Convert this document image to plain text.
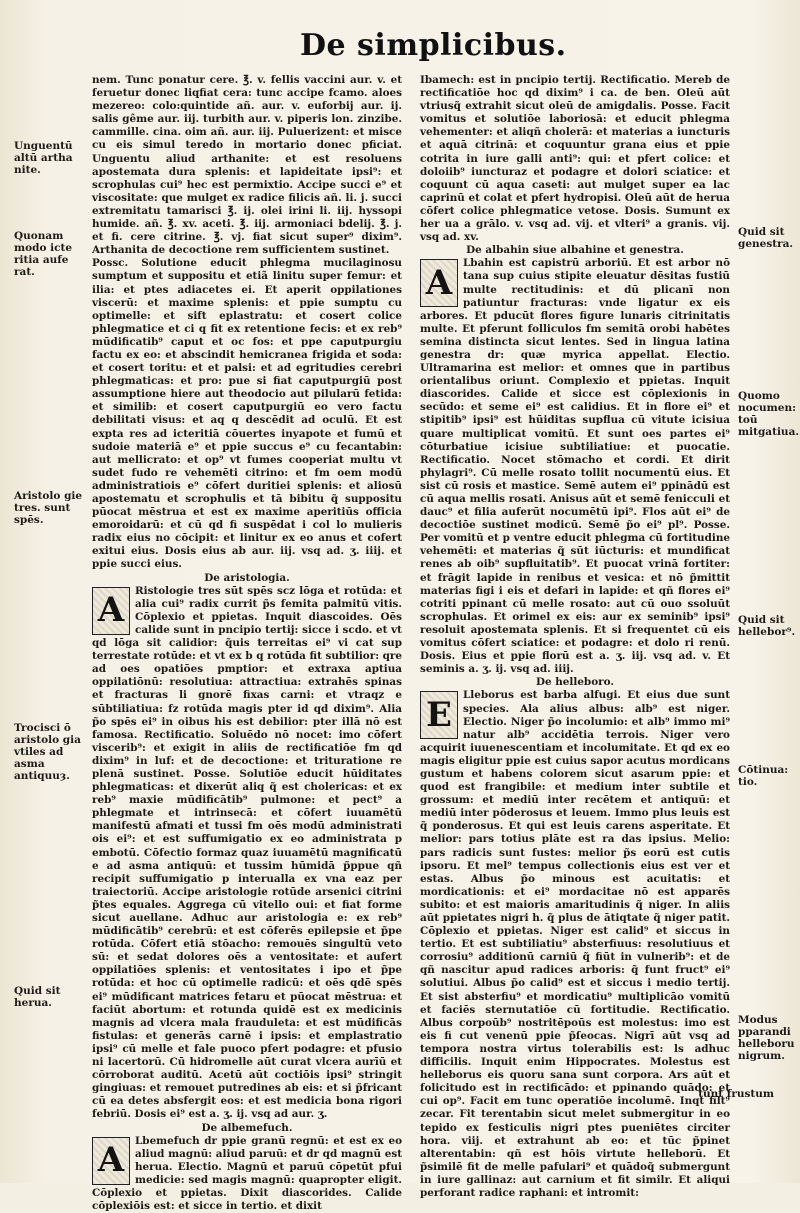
De simplicibus.
Unguentū altū artha nite.
Quonam modo icte ritia aufe rat.
Aristolo gie tres. sunt spēs.
Trocisci ō aristolo gia vtiles ad asma antiquuȝ.
Quid sit herua.
Quid sit genestra.
Quomo nocumen: toū mitgatiua.
Quid sit hellebor⁹.
Cōtinua: tio.
Modus pparandi helleboru nigrum.

nem. Tunc ponatur cere. ℥. v. fellis vaccini aur. v. et feruetur donec liqfiat cera: tunc accipe fcamo. aloes mezereo: colo:quintide añ. aur. v. euforbij aur. ij. salis gême aur. iij. turbith aur. v. piperis lon. zinzibe. cammille. cina. oim añ. aur. iij. Puluerizent: et misce cu eis simul teredo in mortario donec pficiat. Unguentu aliud arthanite: et est resoluens apostemata dura splenis: et lapideitate ipsi⁹: et scrophulas cui⁹ hec est permixtio. Accipe succi e⁹ et viscositate: que mulget ex radice filicis añ. li. j. succi extremitatu tamarisci ℥. ij. olei irini li. iij. hyssopi humide. añ. ℥. xv. aceti. ℥. iij. armoniaci bdelij. ℥. j. et fi. cere citrine. ℥. vj. fiat sicut super⁹ dixim⁹. Arthanita de decoctione rem sufficientem sustinet.

Possc. Solutione educit phlegma mucilaginosu sumptum et suppositu et etiã linitu super femur: et ilia: et ptes adiacetes ei. Et aperit oppilationes viscerū: et maxime splenis: et ppie sumptu cu optimelle: et sift eplastratu: et cosert colice phlegmatice et ci q fit ex retentione fecis: et ex reb⁹ mūdificatib⁹ caput et oc fos: et ppe caputpurgiu factu ex eo: et abscindit hemicranea frigida et soda: et cosert toritu: et et palsi: et ad egritudies cerebri phlegmaticas: et pro: pue si fiat caputpurgiū post assumptione hiere aut theodocio aut pilularū fetida: et similib: et cosert caputpurgiū eo vero factu debilitati visus: et aq q descēdit ad oculū. Et est expta res ad icteritiā cōuertes inyapote et fumū et sudoie materiā e⁹ et ppie succus e⁹ cu fecantabin: aut mellicrato: et op⁹ vt fumes cooperiat multu vt sudet fudo re vehemēti citrino: et fm oem modū administratiois e⁹ cōfert duritiei splenis: et aliosū apostematu et scrophulis et tā bibitu q̃ suppositu pūocat mēstrua et est ex maxime aperitiūs officia emoroidarū: et cū qd fi suspēdat i col lo mulieris radix eius no cōcipit: et linitur ex eo anus et cofert exitui eius. Dosis eius ab aur. iij. vsq ad. ʒ. iiij. et ppie succi eius.

De aristologia.

A	Ristologie tres sūt spēs scz lōga et rotūda: et alia cui⁹ radix currit p̃s femita palmitū vitis. Cōplexio et ppietas. Inquit diascoides. Oēs calide sunt in pncipio tertij: sicce i scdo. et vt qd lōga sit calidior: q̃uis terreitas ei⁹ vi cat sup terrestate rotūde: et vt ex b q rotūda fit subtilior: qre ad oes opatiōes pmptior: et extraxa aptiua oppilatiōnū: resolutiua: attractiua: extrahēs spinas et fracturas li gnorē fixas carni: et vtraqz e sūbtiliatiua: fz rotūda magis pter id qd dixim⁹. Alia p̃o spēs ei⁹ in oibus his est debilior: pter illā nō est famosa. Rectificatio. Soluēdo nō nocet: imo cōfert viscerib⁹: et exigit in aliis de rectificatiōe fm qd dixim⁹ in luf: et de decoctione: et trituratione re plenā sustinet. Posse. Solutiōe educit hūiditates phlegmaticas: et dixerūt aliq q̃ est cholericas: et ex reb⁹ maxie mūdificātib⁹ pulmone: et pect⁹ a phlegmate et intrinsecā: et cōfert iuuamētū manifestū afmati et tussi fm oēs modū administrati ois ei⁹: et est suffumigatio ex eo administrata p embotū. Cōfectio formaz quaz iuuamētū magnificatū e ad asma antiquū: et tussim hūmidā p̃ppue qñ recipit suffumigatio p interualla ex vna eaz per traiectoriū. Accipe aristologie rotūde arsenici citrini p̃tes equales. Aggrega cū vitello oui: et fiat forme sicut auellane. Adhuc aur aristologia e: ex reb⁹ mūdificātib⁹ cerebrū: et est cōferēs epilepsie et p̃pe rotūda. Cōfert etiā stōacho: remouēs singultū veto sū: et sedat dolores oēs a ventositate: et aufert oppilatiōes splenis: et ventositates i ipo et p̃pe rotūda: et hoc cū optimelle radicū: et oēs qdē spēs ei⁹ mūdificant matrices fetaru et pūocat mēstrua: et faciūt abortum: et rotunda quidē est ex medicinis magnis ad vlcera mala frauduleta: et est mūdificās fistulas: et generās carnē i ipsis: et emplastratio ipsi⁹ cū melle et fale puoco pfert podagre: et pfusio ni lacertorū. Cū hidromelle aūt curat vlcera aurīū et cōrroborat auditū. Acetū aūt coctiōis ipsi⁹ stringit gingiuas: et remouet putredines ab eis: et si p̃fricant cū ea detes absfergit eos: et est medicia bona rigori febriū. Dosis ei⁹ est a. ʒ. ij. vsq ad aur. ʒ.

De albemefuch.

A	Lbemefuch dr ppie granū regnū: et est ex eo aliud magnū: aliud paruū: et dr qd magnū est herua. Electio. Magnū et paruū cōpetūt pfui medicie: sed magis magnū: quapropter eligit. Cōplexio et ppietas. Dixit diascorides. Calide cōplexiōis est: et sicce in tertio. et dixit

Ibamech: est in pncipio tertij. Rectificatio. Mereb de rectificatiōe hoc qd dixim⁹ i ca. de ben. Oleū aūt vtriusq̃ extrahit sicut oleū de amigdalis. Posse. Facit vomitus et solutiōe laboriosā: et educit phlegma vehementer: et aliqñ cholerā: et materias a iuncturis et aquā citrinā: et coquuntur grana eius et ppie cotrita in iure galli anti⁹: qui: et pfert colice: et doloiib⁹ iuncturaz et podagre et dolori sciatice: et coquunt cū aqua caseti: aut mulget super ea lac caprinū et colat et pfert hydropisi. Oleū aūt de herua cōfert colice phlegmatice vetose. Dosis. Sumunt ex her ua a grālo. v. vsq ad. vij. et vlteri⁹ a granis. vij. vsq ad. xv.

De albahin siue albahine et genestra.

A	Lbahin est capistrū arboriū. Et est arbor nō tana sup cuius stipite eleuatur dēsitas fustiū multe rectitudinis: et dū plicanī non patiuntur fracturas: vnde ligatur ex eis arbores. Et pducūt flores figure lunaris citrinitatis multe. Et pferunt folliculos fm semitā orobi habētes semina distincta sicut lentes. Sed in lingua latina genestra dr: quæ myrica appellat. Electio. Ultramarina est melior: et omnes que in partibus orientalibus oriunt. Complexio et ppietas. Inquit diascorides. Calide et sicce est cōplexionis in secūdo: et seme ei⁹ est calidius. Et in flore ei⁹ et stipitib⁹ ipsi⁹ est hūiditas supflua cū vitute icisiua quare multiplicat vomitū. Et sunt oes partes ei⁹ cōturbatiue icisiue subtiliatiue: et puocatie. Rectificatio. Nocet stōmacho et cordi. Et dirit phylagri⁹. Cū melle rosato tollit nocumentū eius. Et sist cū rosis et mastice. Semē autem ei⁹ ppinādū est cū aqua mellis rosati. Anisus aūt et semē fenicculi et dauc⁹ et filia auferūt nocumētū ipi⁹. Flos aūt ei⁹ de decoctiōe sustinet modicū. Semē p̃o ei⁹ pl⁹. Posse. Per vomitū et p ventre educit phlegma cū fortitudine vehemēti: et materias q̃ sūt iūcturis: et mundificat renes ab oib⁹ supfluitatib⁹. Et puocat vrinā fortiter: et frāgit lapide in renibus et vesica: et nō p̃mittit materias figi i eis et defari in lapide: et qñ flores ei⁹ cotriti ppinant cū melle rosato: aut cū ouo ssoluūt scrophulas. Et orimel ex eis: aur ex seminib⁹ ipsi⁹ resoluit apostemata splenis. Et si frequentet cū eis vomitus cōfert sciatice: et podagre: et dolo ri renū. Dosis. Eius et ppie florū est a. ʒ. iij. vsq ad. v. Et seminis a. ʒ. ij. vsq ad. iiij.

De helleboro.

E	Lleborus est barba alfugi. Et eius due sunt species. Ala alius albus: alb⁹ est niger. Electio. Niger p̃o incolumio: et alb⁹ immo mi⁹ natur alb⁹ accidētia terrois. Niger vero acquirit iuuenescentiam et incolumitate. Et qd ex eo magis eligitur ppie est cuius sapor acutus mordicans gustum et habens colorem sicut asarum ppie: et quod est frangibile: et medium inter subtile et grossum: et mediū inter recētem et antiquū: et mediū inter pōderosus et leuem. Immo plus leuis est q̃ ponderosus. Et qui est leuis carens asperitate. Et melior: pars totius plāte est ra das ipsius. Melio: pars radicis sunt fustes: melior p̃s eorū est cutis ipsoru. Et mel⁹ tempus collectionis eius est ver et estas. Albus p̃o minous est acuitatis: et mordicationis: et ei⁹ mordacitae nō est apparēs subito: et est maioris amaritudinis q̃ niger. In aliis aūt ppietates nigri h. q̃ plus de ātiqtate q̃ niger patit. Cōplexio et ppietas. Niger est calid⁹ et siccus in tertio. Et est subtiliatiu⁹ absterfiuus: resolutiuus et corrosiu⁹ additionū carniū q̃ fiūt in vulnerib⁹: et de qñ nascitur apud radices arboris: q̃ funt fruct⁹ ei⁹ solutiui. Albus p̃o calid⁹ est et siccus i medio tertij. Et sist absterfiu⁹ et mordicatiu⁹ multiplicāo vomitū et faciēs sternutatiōe cū fortitudie. Rectificatio. Albus corpoūb⁹ nostritēpoūs est molestus: imo est eis fi cut venenū ppie p̃ſeocas. Nigrī aūt vsq ad tempora nostra virtus tolerabilis est: ls adhuc difficilis. Inquit enim Hippocrates. Molestus est helleborus eis quoru sana sunt corpora. Ars aūt et folicitudo est in rectificādo: et ppinando quādo: et cui op⁹. Facit em tunc operatiōe incolumē. Inqt filt⁹ zecar. Fit terentabin sicut melet submergitur in eo tepido ex festiculis nigri ptes pueniētes circiter hora. viij. et extrahunt ab eo: et tūc p̃pinet alterentabin: qñ est hōis virtute helleborū. Et p̃similē fit de melle pafulari⁹ et quādoq̃ submergunt in iure gallinaz: aut carnium et fit similr. Et aliqui perforant radice raphani: et intromit:

tunt frustum
